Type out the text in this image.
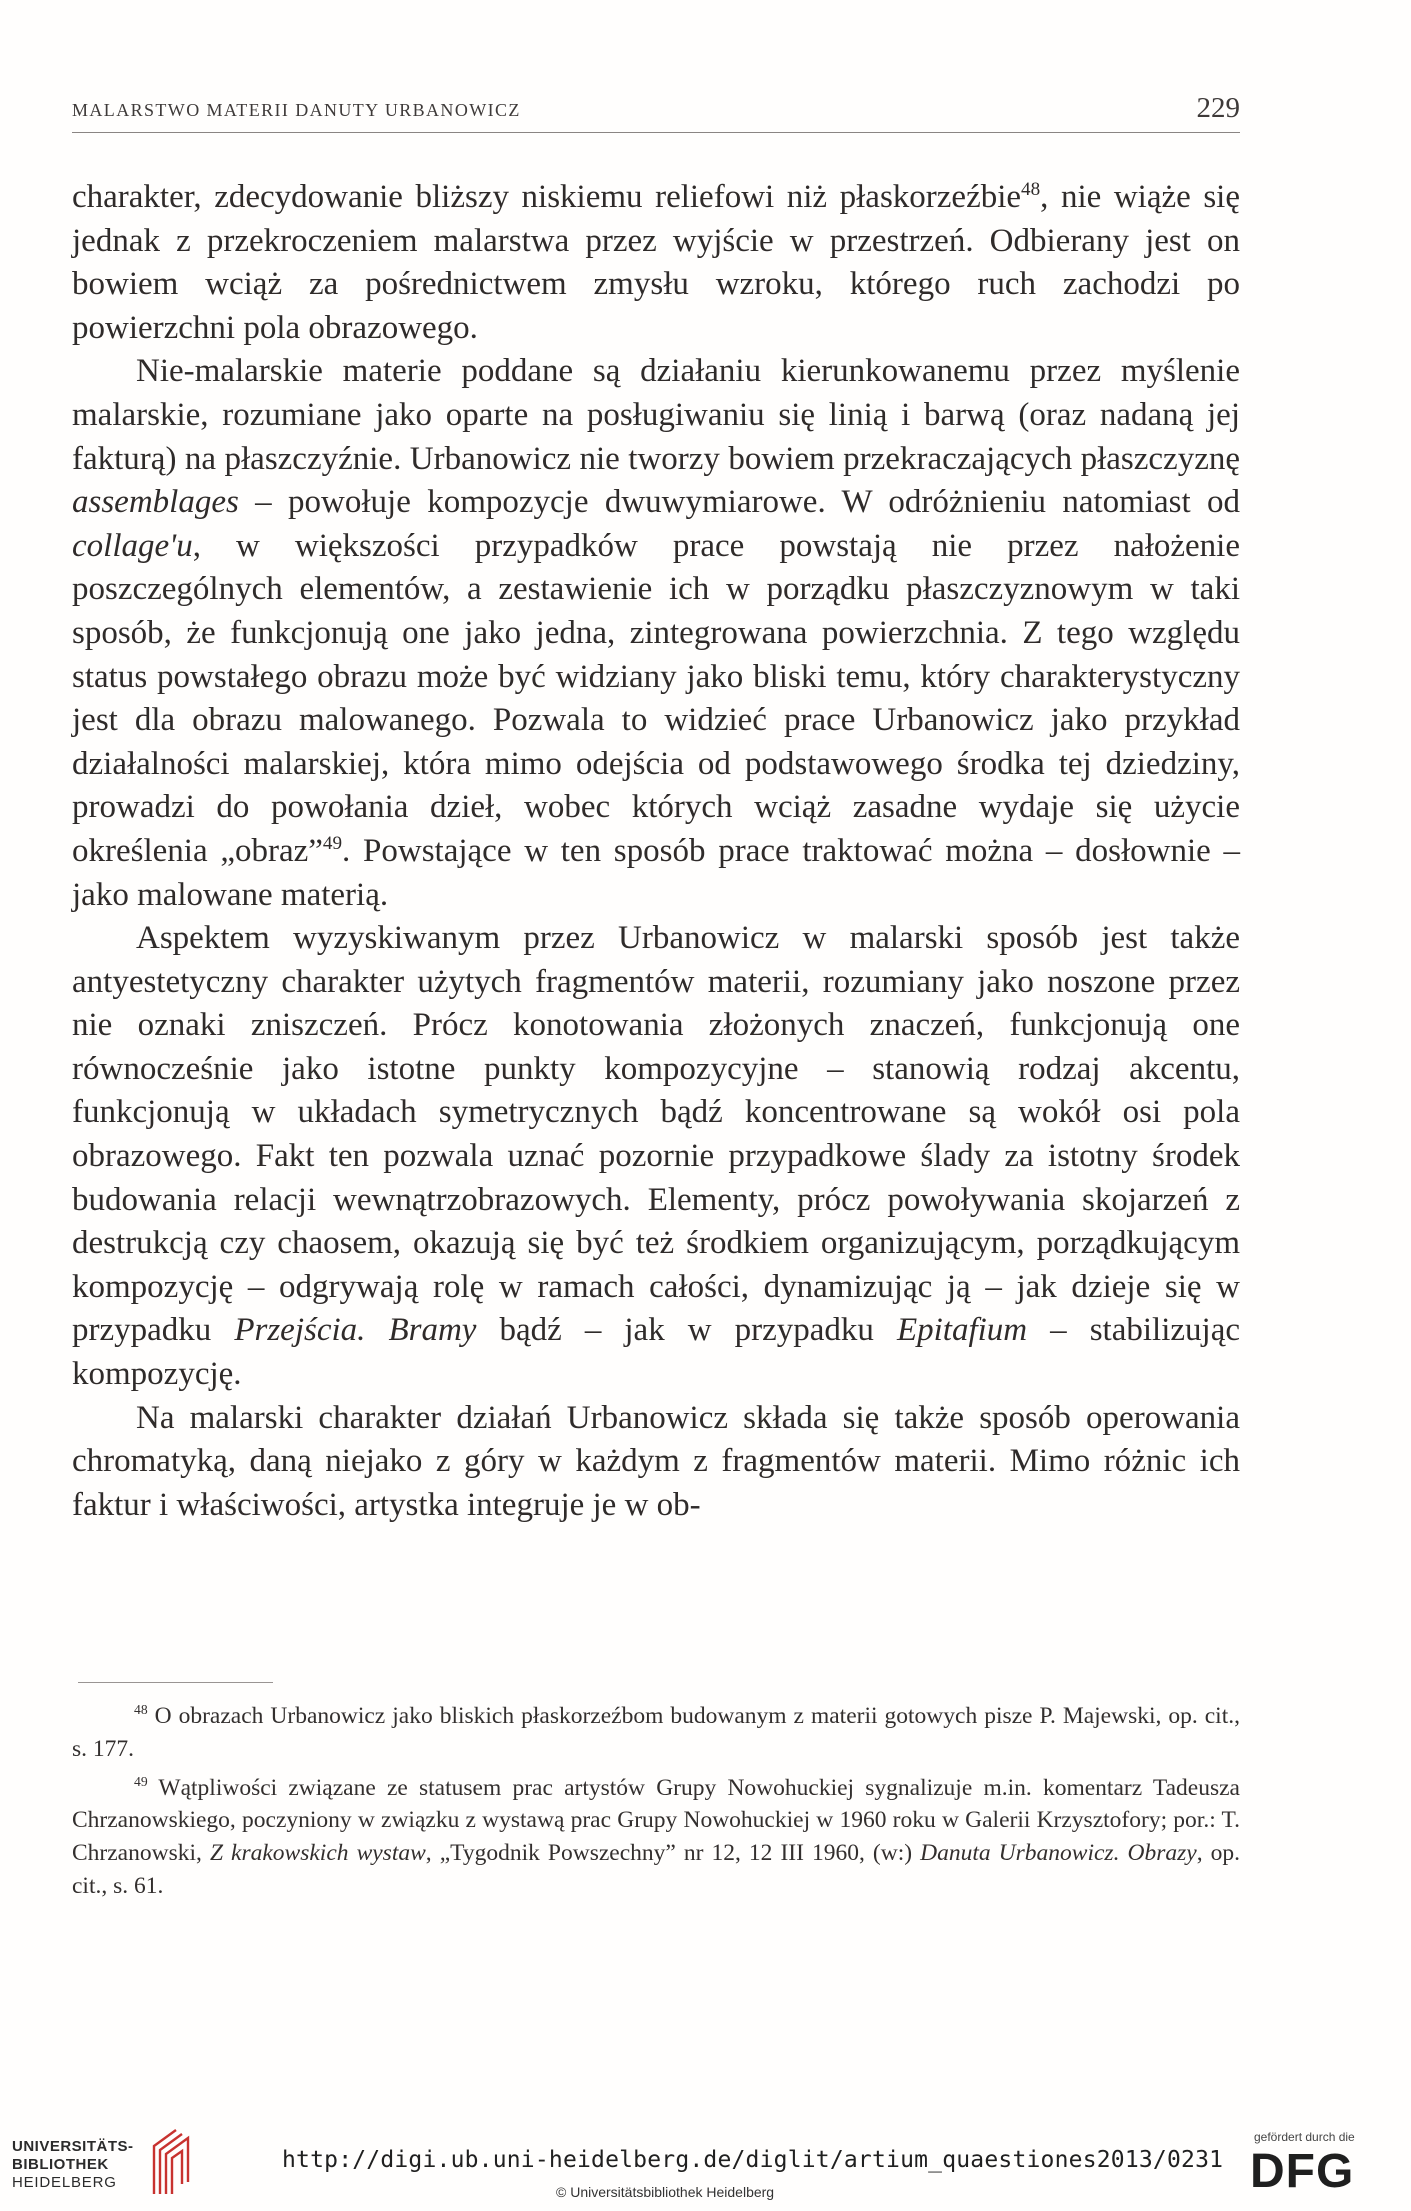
MALARSTWO MATERII DANUTY URBANOWICZ	229

charakter, zdecydowanie bliższy niskiemu reliefowi niż płaskorzeźbie$^{48}$, nie wiąże się jednak z przekroczeniem malarstwa przez wyjście w przestrzeń. Odbierany jest on bowiem wciąż za pośrednictwem zmysłu wzroku, którego ruch zachodzi po powierzchni pola obrazowego.

Nie-malarskie materie poddane są działaniu kierunkowanemu przez myślenie malarskie, rozumiane jako oparte na posługiwaniu się linią i barwą (oraz nadaną jej fakturą) na płaszczyźnie. Urbanowicz nie tworzy bowiem przekraczających płaszczyznę assemblages – powołuje kompozycje dwuwymiarowe. W odróżnieniu natomiast od collage'u, w większości przypadków prace powstają nie przez nałożenie poszczególnych elementów, a zestawienie ich w porządku płaszczyznowym w taki sposób, że funkcjonują one jako jedna, zintegrowana powierzchnia. Z tego względu status powstałego obrazu może być widziany jako bliski temu, który charakterystyczny jest dla obrazu malowanego. Pozwala to widzieć prace Urbanowicz jako przykład działalności malarskiej, która mimo odejścia od podstawowego środka tej dziedziny, prowadzi do powołania dzieł, wobec których wciąż zasadne wydaje się użycie określenia „obraz”$^{49}$. Powstające w ten sposób prace traktować można – dosłownie – jako malowane materią.

Aspektem wyzyskiwanym przez Urbanowicz w malarski sposób jest także antyestetyczny charakter użytych fragmentów materii, rozumiany jako noszone przez nie oznaki zniszczeń. Prócz konotowania złożonych znaczeń, funkcjonują one równocześnie jako istotne punkty kompozycyjne – stanowią rodzaj akcentu, funkcjonują w układach symetrycznych bądź koncentrowane są wokół osi pola obrazowego. Fakt ten pozwala uznać pozornie przypadkowe ślady za istotny środek budowania relacji wewnątrzobrazowych. Elementy, prócz powoływania skojarzeń z destrukcją czy chaosem, okazują się być też środkiem organizującym, porządkującym kompozycję – odgrywają rolę w ramach całości, dynamizując ją – jak dzieje się w przypadku Przejścia. Bramy bądź – jak w przypadku Epitafium – stabilizując kompozycję.

Na malarski charakter działań Urbanowicz składa się także sposób operowania chromatyką, daną niejako z góry w każdym z fragmentów materii. Mimo różnic ich faktur i właściwości, artystka integruje je w ob-

$^{48}$ O obrazach Urbanowicz jako bliskich płaskorzeźbom budowanym z materii gotowych pisze P. Majewski, op. cit., s. 177.

$^{49}$ Wątpliwości związane ze statusem prac artystów Grupy Nowohuckiej sygnalizuje m.in. komentarz Tadeusza Chrzanowskiego, poczyniony w związku z wystawą prac Grupy Nowohuckiej w 1960 roku w Galerii Krzysztofory; por.: T. Chrzanowski, Z krakowskich wystaw, „Tygodnik Powszechny” nr 12, 12 III 1960, (w:) Danuta Urbanowicz. Obrazy, op. cit., s. 61.

UNIVERSITÄTS-
BIBLIOTHEK
HEIDELBERG
http://digi.ub.uni-heidelberg.de/diglit/artium_quaestiones2013/0231
© Universitätsbibliothek Heidelberg
gefördert durch die
DFG
